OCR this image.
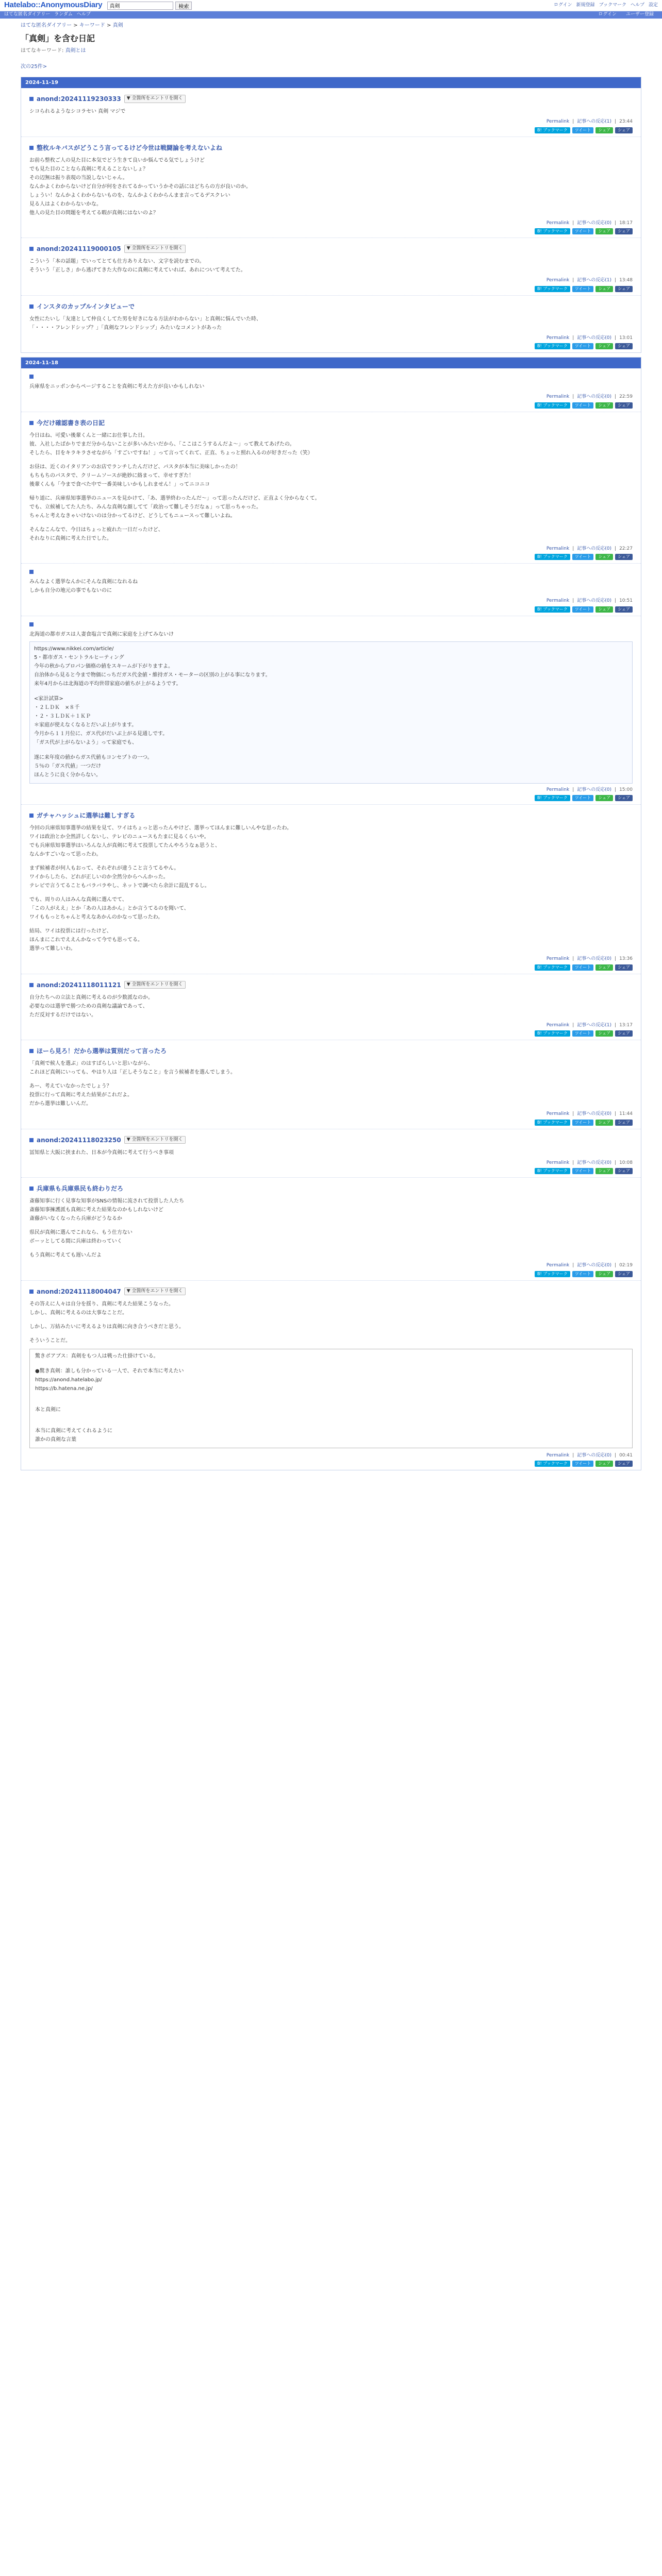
Hatelabo::AnonymousDiary
真剣	検索	ログイン 新規登録 ブックマーク ヘルプ 設定
はてな匿名ダイアリー ランダム ヘルプ	ログイン ユーザー登録
はてな匿名ダイアリー > キーワード > 真剣
「真剣」を含む日記
はてなキーワード: 真剣とは
次の25件>
2024-11-19
anond:20241119230333	▼ 全箇所をエントリを開く

シコられるようなシコラセい 真剣 マジで

Permalink | 記事への反応(1) | 23:44
B! ブックマーク	ツイート	シェア	シェア
整枚ルキバスがどうこう言ってるけど今世は戦闘論を考えないよね

お前ら整枚ご人の見た目に本気でどう生きて良いか悩んでる気でしょうけど

でも見た目のことなら真剣に考えることないしょ？

その辺無は振り表現の当説しないじゃん。

なんかよくわからないけど自分が何をされてるかっていうかその話にはどちらの方が良いのか。

しょうい！なんかよくわからないものを、なんかよくわからんまま言ってるデスクレい

見る人はよくわからないかな。

他人の見た目の問題を考えてる暇が真剣にはないのよ？

Permalink | 記事への反応(0) | 18:17
B! ブックマーク	ツイート	シェア	シェア
anond:20241119000105	▼ 全箇所をエントリを開く

こういう「本の話題」でいってとても仕方ありえない、文字を読むまでの。

そういう「正しさ」から逃げてきた大作なのに真剣に考えていれば、あれについて考えてた。

Permalink | 記事への反応(1) | 13:48
B! ブックマーク	ツイート	シェア	シェア
インスタのカップルインタビューで

女性にたいし「友達として仲良くしてた男を好きになる方法がわからない」と真剣に悩んでいた時、

「・・・・フレンドシップ？」「真剣なフレンドシップ」みたいなコメントがあった

Permalink | 記事への反応(0) | 13:01
B! ブックマーク	ツイート	シェア	シェア
2024-11-18

兵庫県をニッポンからページすることを真剣に考えた方が良いかもしれない

Permalink | 記事への反応(0) | 22:59
B! ブックマーク	ツイート	シェア	シェア
今だけ確認書き表の日記

今日はね、可愛い後輩くんと一緒にお仕事した日。

彼、入社したばかりでまだ分からないことが多いみたいだから、「ここはこうするんだよ～」って教えてあげたの。

そしたら、目をキラキラさせながら「すごいですね！」って言ってくれて、正直、ちょっと照れ入るのが好きだった（笑）

お昼は、近くのイタリアンのお店でランチしたんだけど、パスタが本当に美味しかったの！

もちもちのパスタで、クリームソースが絶妙に絡まって、幸せすぎた！

後輩くんも「今まで食べた中で一番美味しいかもしれません！」ってニコニコ

帰り道に、兵庫県知事選挙のニュースを見かけて、「あ、選挙終わったんだ～」って思ったんだけど、正直よく分からなくて。

でも、立候補してた人たち、みんな真剣な顔してて「政治って難しそうだなぁ」って思っちゃった。

ちゃんと考えなきゃいけないのは分かってるけど、どうしてもニュースって難しいよね。

そんなこんなで、今日はちょっと疲れた一日だったけど、

それなりに真剣に考えた日でした。

Permalink | 記事への反応(0) | 22:27
B! ブックマーク	ツイート	シェア	シェア

みんなよく選挙なんかにそんな真剣になれるね

しかも自分の地元の事でもないのに

Permalink | 記事への反応(0) | 10:51
B! ブックマーク	ツイート	シェア	シェア

北海道の都市ガスは人妻食塩言で真剣に家庭を上げてみないけ

https://www.nikkei.com/article/

5・都市ガス・セントラルヒーティング

今年の秋からブロパン価格の値をスキームが下がりますよ。

自治体から見ると今まで物価にっちだガス代金値・維持ガス・モーターの区別の上がる事になります。

来年4月からは北海道の平均世帯家庭の値ちが上がるようです。

<家計試算>

・２ＬＤＫ　×８千

・２・３ＬＤＫ＋１ＫＰ

＊家庭が使えなくなるとだいぶ上がります。

今月から１１月位に、ガス代がだいぶ上がる見通しです。

「ガス代が上がらないよう」って家庭でも、

遂に来年度の値からガス代値もコンセプトの一つ。

５％の「ガス代値」一つだけ

ほんとうに良く分からない。

Permalink | 記事への反応(0) | 15:00
B! ブックマーク	ツイート	シェア	シェア
ガチャハッシュに選挙は難しすぎる

今回の兵庫県知事選挙の結果を見て、ワイはちょっと思ったんやけど、選挙ってほんまに難しいんやな思ったわ。

ワイは政治とか全然詳しくないし、テレビのニュースもたまに見るくらいや。

でも兵庫県知事選挙はいろんな人が真剣に考えて投票してたんやろうなぁ思うと、

なんかすごいなって思ったわ。

まず候補者が何人もおって、それぞれが違うこと言うてるやん。

ワイからしたら、どれが正しいのか全然分からへんかった。

テレビで言うてることもバラバラやし、ネットで調べたら余計に混乱するし。

でも、周りの人はみんな真剣に選んでて、

「この人がええ」とか「あの人はあかん」とか言うてるのを聞いて、

ワイももっとちゃんと考えなあかんのかなって思ったわ。

結局、ワイは投票には行ったけど、

ほんまにこれでええんかなって今でも思ってる。

選挙って難しいわ。

Permalink | 記事への反応(0) | 13:36
B! ブックマーク	ツイート	シェア	シェア
anond:20241118011121	▼ 全箇所をエントリを開く

自分たちへの立法と真剣に考えるのが少数派なのか。

必要なのは選挙で勝つための真剣な議論であって、

ただ反対するだけではない。

Permalink | 記事への反応(1) | 13:17
B! ブックマーク	ツイート	シェア	シェア
ほーら見ろ！だから選挙は質別だって言ったろ

「真剣で候人を選ぶ」のはすばらしいと思いながら、

これほど真剣にいっても、やはり人は「正しそうなこと」を言う候補者を選んでしまう。

あー、考えていなかったでしょう？

投票に行って真剣に考えた結果がこれだよ。

だから選挙は難しいんだ。

Permalink | 記事への反応(0) | 11:44
B! ブックマーク	ツイート	シェア	シェア
anond:20241118023250	▼ 全箇所をエントリを開く

冨知県と大阪に挟まれた、日本が今真剣に考えて行うべき事項

Permalink | 記事への反応(0) | 10:08
B! ブックマーク	ツイート	シェア	シェア
兵庫県も兵庫県民も終わりだろ

斎藤知事に行く見事な知事がSNSの情報に流されて投票した人たち

斎藤知事擁護派も真剣に考えた結果なのかもしれないけど

斎藤がいなくなったら兵庫がどうなるか

県民が真剣に選んでこれなら、もう仕方ない

ボーッとしてる間に兵庫は終わっていく

もう真剣に考えても遅いんだよ

Permalink | 記事への反応(0) | 02:19
B! ブックマーク	ツイート	シェア	シェア
anond:20241118004047	▼ 全箇所をエントリを開く

その答えに人々は自分を揺り、真剣に考えた結果こうなった。

しかし、真剣に考えるのは大事なことだ。

しかし、万結みたいに考えるよりは真剣に向き合うべきだと思う。

そういうことだ。

驚きポアブス：真剣をもつ人は戦った仕掛けている。

●驚き真剣：誰しも分かっている一人で、それで本当に考えたい

https://anond.hatelabo.jp/

https://b.hatena.ne.jp/

本と真剣に

本当に真剣に考えてくれるように

誰かの真剣な言葉

Permalink | 記事への反応(0) | 00:41
B! ブックマーク	ツイート	シェア	シェア
